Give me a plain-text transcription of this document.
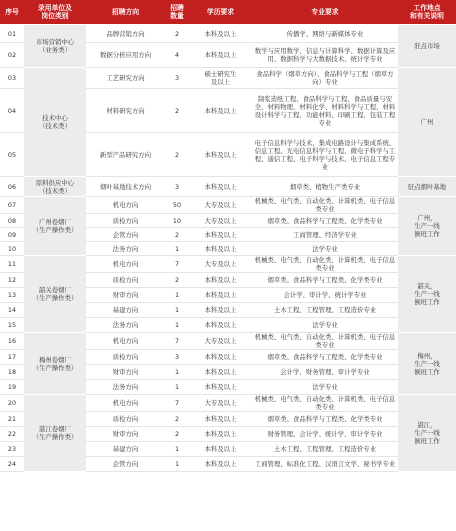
序号	录用单位及
岗位类别	招聘方向	招聘
数量	学历要求	专业要求	工作地点
和有关说明
01	市场营销中心
（业务类）	品牌营销方向	2	本科及以上	传播学、网络与新媒体专业	驻点市场
02		数据分析应用方向	4	本科及以上	数学与应用数学、信息与计算科学、数据计算及应用、数据科学与大数据技术、统计学专业	
03	技术中心
（技术类）	工艺研究方向	3	硕士研究生
及以上	食品科学（烟草方向）、食品科学与工程（烟草方向）专业	广州
04		材料研究方向	2	本科及以上	制浆造纸工程、食品科学与工程、食品质量与安全、材料物理、材料化学、材料科学与工程、材料设计科学与工程、功能材料、印刷工程、包装工程专业	
05		新型产品研究方向	2	本科及以上	电子信息科学与技术、集成电路设计与集成系统、信息工程、光电信息科学与工程、微电子科学与工程、通信工程、电子科学与技术、电子信息工程专业	
06	原料供应中心
（技术类）	烟叶基地技术方向	3	本科及以上	烟草类、植物生产类专业	驻点烟叶基地
07	广州卷烟厂
（生产操作类）	机电方向	50	大专及以上	机械类、电气类、自动化类、计算机类、电子信息类专业	广州，
生产一线
倒班工作
08		质检方向	10	大专及以上	烟草类、食品科学与工程类、化学类专业	
09		企管方向	2	本科及以上	工商管理、经济学专业	
10		法务方向	1	本科及以上	法学专业	
11	韶关卷烟厂
（生产操作类）	机电方向	7	大专及以上	机械类、电气类、自动化类、计算机类、电子信息类专业	韶关，
生产一线
倒班工作
12		质检方向	2	本科及以上	烟草类、食品科学与工程类、化学类专业	
13		财审方向	1	本科及以上	会计学、审计学、统计学专业	
14		基建方向	1	本科及以上	土木工程、工程管理、工程造价专业	
15		法务方向	1	本科及以上	法学专业	
16	梅州卷烟厂
（生产操作类）	机电方向	7	大专及以上	机械类、电气类、自动化类、计算机类、电子信息类专业	梅州，
生产一线
倒班工作
17		质检方向	3	本科及以上	烟草类、食品科学与工程类、化学类专业	
18		财审方向	1	本科及以上	会计学、财务管理、审计学专业	
19		法务方向	1	本科及以上	法学专业	
20	湛江卷烟厂
（生产操作类）	机电方向	7	大专及以上	机械类、电气类、自动化类、计算机类、电子信息类专业	湛江，
生产一线
倒班工作
21		质检方向	2	本科及以上	烟草类、食品科学与工程类、化学类专业	
22		财审方向	2	本科及以上	财务管理、会计学、统计学、审计学专业	
23		基建方向	1	本科及以上	土木工程、工程管理、工程造价专业	
24		企管方向	1	本科及以上	工商管理、标准化工程、汉语言文学、秘书学专业	
